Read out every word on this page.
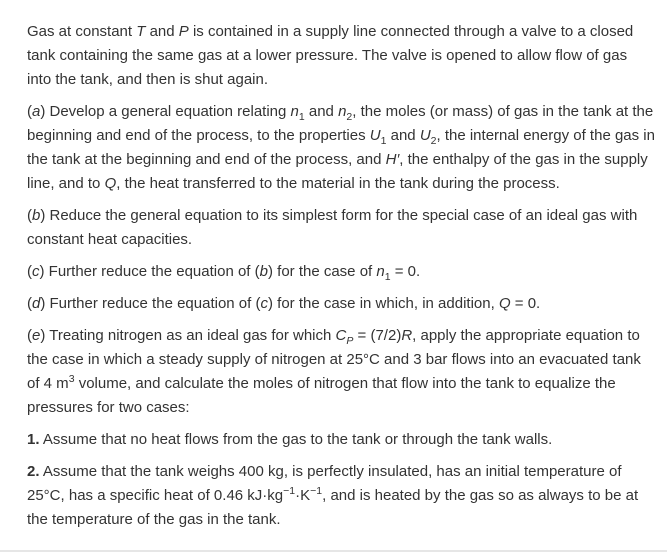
Gas at constant T and P is contained in a supply line connected through a valve to a closed tank containing the same gas at a lower pressure. The valve is opened to allow flow of gas into the tank, and then is shut again.

(a) Develop a general equation relating $n_1$ and $n_2$, the moles (or mass) of gas in the tank at the beginning and end of the process, to the properties $U_1$ and $U_2$, the internal energy of the gas in the tank at the beginning and end of the process, and H′, the enthalpy of the gas in the supply line, and to Q, the heat transferred to the material in the tank during the process.

(b) Reduce the general equation to its simplest form for the special case of an ideal gas with constant heat capacities.

(c) Further reduce the equation of (b) for the case of $n_1 = 0$.

(d) Further reduce the equation of (c) for the case in which, in addition, Q = 0.

(e) Treating nitrogen as an ideal gas for which $C_P = (7/2)R$, apply the appropriate equation to the case in which a steady supply of nitrogen at 25°C and 3 bar flows into an evacuated tank of 4 $m^3$ volume, and calculate the moles of nitrogen that flow into the tank to equalize the pressures for two cases:

1. Assume that no heat flows from the gas to the tank or through the tank walls.

2. Assume that the tank weighs 400 kg, is perfectly insulated, has an initial temperature of 25°C, has a specific heat of 0.46 $kJ\cdot kg^{-1}\cdot K^{-1}$, and is heated by the gas so as always to be at the temperature of the gas in the tank.
